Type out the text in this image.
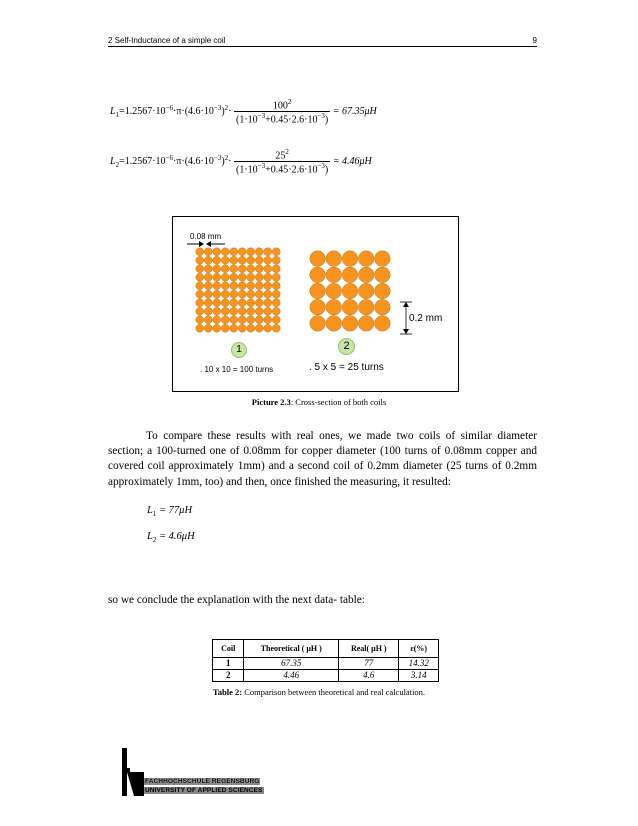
2 Self-Inductance of a simple coil	9
$L_1=1.2567\cdot 10^{-6}\cdot\pi\cdot(4.6\cdot 10^{-3})^2\cdot \frac{100^2}{(1\cdot 10^{-3}+0.45\cdot 2.6\cdot 10^{-3})} = 67.35\mu H$
$L_2=1.2567\cdot 10^{-6}\cdot\pi\cdot(4.6\cdot 10^{-3})^2\cdot \frac{25^2}{(1\cdot 10^{-3}+0.45\cdot 2.6\cdot 10^{-3})} = 4.46\mu H$
0.08 mm
0.2 mm
1	2
. 10 x 10 = 100 turns	. 5 x 5 = 25 turns
Picture 2.3: Cross-section of both coils
To compare these results with real ones, we made two coils of similar diameter section; a 100-turned one of 0.08mm for copper diameter (100 turns of 0.08mm copper and covered coil approximately 1mm) and a second coil of 0.2mm diameter (25 turns of 0.2mm approximately 1mm, too) and then, once finished the measuring, it resulted:
$L_1 = 77\mu H$
$L_2 = 4.6\mu H$
so we conclude the explanation with the next data- table:
Coil	Theoretical ( μH )	Real( μH )	ε(%)
1	67.35	77	14.32
2	4.46	4.6	3.14
Table 2: Comparison between theoretical and real calculation.
FACHHOCHSCHULE REGENSBURG
UNIVERSITY OF APPLIED SCIENCES
